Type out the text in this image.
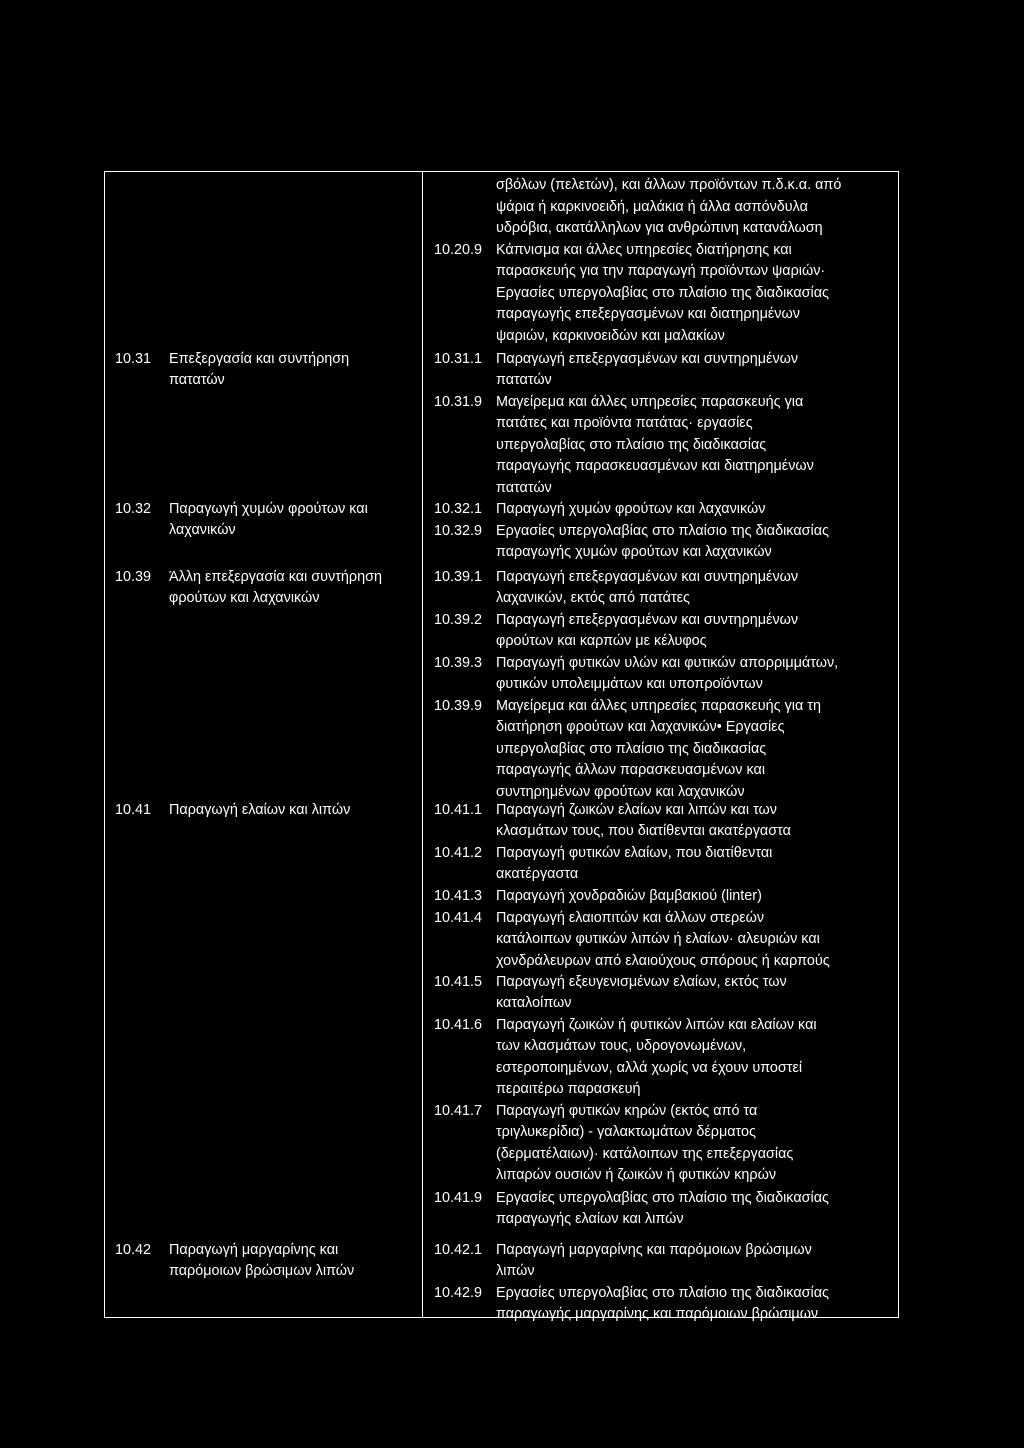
10.31 Επεξεργασία και συντήρηση
πατατών
10.32 Παραγωγή χυμών φρούτων και
λαχανικών
10.39 Άλλη επεξεργασία και συντήρηση
φρούτων και λαχανικών
10.41 Παραγωγή ελαίων και λιπών
10.42 Παραγωγή μαργαρίνης και
παρόμοιων βρώσιμων λιπών
σβόλων (πελετών), και άλλων προϊόντων π.δ.κ.α. από
ψάρια ή καρκινοειδή, μαλάκια ή άλλα ασπόνδυλα
υδρόβια, ακατάλληλων για ανθρώπινη κατανάλωση
10.20.9 Κάπνισμα και άλλες υπηρεσίες διατήρησης και
παρασκευής για την παραγωγή προϊόντων ψαριών·
Εργασίες υπεργολαβίας στο πλαίσιο της διαδικασίας
παραγωγής επεξεργασμένων και διατηρημένων
ψαριών, καρκινοειδών και μαλακίων
10.31.1 Παραγωγή επεξεργασμένων και συντηρημένων
πατατών
10.31.9 Μαγείρεμα και άλλες υπηρεσίες παρασκευής για
πατάτες και προϊόντα πατάτας· εργασίες
υπεργολαβίας στο πλαίσιο της διαδικασίας
παραγωγής παρασκευασμένων και διατηρημένων
πατατών
10.32.1 Παραγωγή χυμών φρούτων και λαχανικών
10.32.9 Εργασίες υπεργολαβίας στο πλαίσιο της διαδικασίας
παραγωγής χυμών φρούτων και λαχανικών
10.39.1 Παραγωγή επεξεργασμένων και συντηρημένων
λαχανικών, εκτός από πατάτες
10.39.2 Παραγωγή επεξεργασμένων και συντηρημένων
φρούτων και καρπών με κέλυφος
10.39.3 Παραγωγή φυτικών υλών και φυτικών απορριμμάτων,
φυτικών υπολειμμάτων και υποπροϊόντων
10.39.9 Μαγείρεμα και άλλες υπηρεσίες παρασκευής για τη
διατήρηση φρούτων και λαχανικών• Εργασίες
υπεργολαβίας στο πλαίσιο της διαδικασίας
παραγωγής άλλων παρασκευασμένων και
συντηρημένων φρούτων και λαχανικών
10.41.1 Παραγωγή ζωικών ελαίων και λιπών και των
κλασμάτων τους, που διατίθενται ακατέργαστα
10.41.2 Παραγωγή φυτικών ελαίων, που διατίθενται
ακατέργαστα
10.41.3 Παραγωγή χονδραδιών βαμβακιού (linter)
10.41.4 Παραγωγή ελαιοπιτών και άλλων στερεών
κατάλοιπων φυτικών λιπών ή ελαίων· αλευριών και
χονδράλευρων από ελαιούχους σπόρους ή καρπούς
10.41.5 Παραγωγή εξευγενισμένων ελαίων, εκτός των
καταλοίπων
10.41.6 Παραγωγή ζωικών ή φυτικών λιπών και ελαίων και
των κλασμάτων τους, υδρογονωμένων,
εστεροποιημένων, αλλά χωρίς να έχουν υποστεί
περαιτέρω παρασκευή
10.41.7 Παραγωγή φυτικών κηρών (εκτός από τα
τριγλυκερίδια) - γαλακτωμάτων δέρματος
(δερματέλαιων)· κατάλοιπων της επεξεργασίας
λιπαρών ουσιών ή ζωικών ή φυτικών κηρών
10.41.9 Εργασίες υπεργολαβίας στο πλαίσιο της διαδικασίας
παραγωγής ελαίων και λιπών
10.42.1 Παραγωγή μαργαρίνης και παρόμοιων βρώσιμων
λιπών
10.42.9 Εργασίες υπεργολαβίας στο πλαίσιο της διαδικασίας
παραγωγής μαργαρίνης και παρόμοιων βρώσιμων
